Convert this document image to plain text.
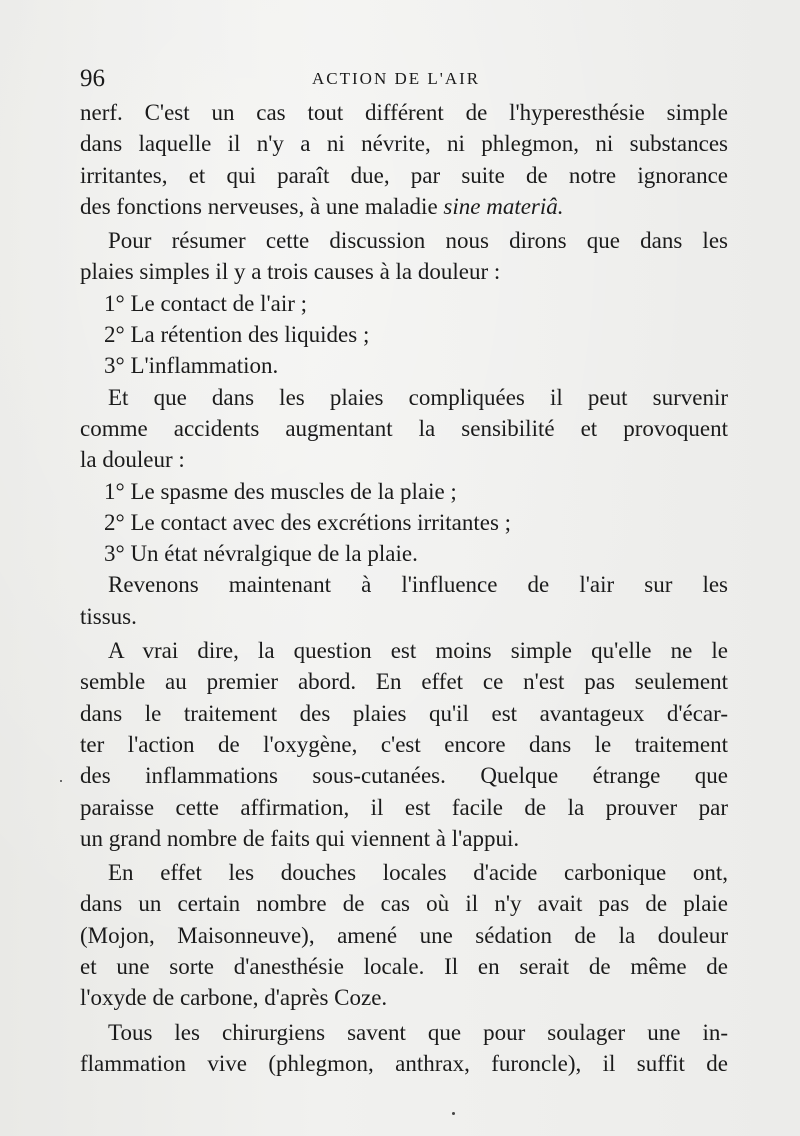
96	ACTION DE L'AIR
nerf. C'est un cas tout différent de l'hyperesthésie simple
dans laquelle il n'y a ni névrite, ni phlegmon, ni substances
irritantes, et qui paraît due, par suite de notre ignorance
des fonctions nerveuses, à une maladie sine materiâ.
Pour résumer cette discussion nous dirons que dans les
plaies simples il y a trois causes à la douleur :
1° Le contact de l'air ;
2° La rétention des liquides ;
3° L'inflammation.
Et que dans les plaies compliquées il peut survenir
comme accidents augmentant la sensibilité et provoquent
la douleur :
1° Le spasme des muscles de la plaie ;
2° Le contact avec des excrétions irritantes ;
3° Un état névralgique de la plaie.
Revenons maintenant à l'influence de l'air sur les
tissus.
A vrai dire, la question est moins simple qu'elle ne le
semble au premier abord. En effet ce n'est pas seulement
dans le traitement des plaies qu'il est avantageux d'écar-
ter l'action de l'oxygène, c'est encore dans le traitement
des inflammations sous-cutanées. Quelque étrange que
paraisse cette affirmation, il est facile de la prouver par
un grand nombre de faits qui viennent à l'appui.
En effet les douches locales d'acide carbonique ont,
dans un certain nombre de cas où il n'y avait pas de plaie
(Mojon, Maisonneuve), amené une sédation de la douleur
et une sorte d'anesthésie locale. Il en serait de même de
l'oxyde de carbone, d'après Coze.
Tous les chirurgiens savent que pour soulager une in-
flammation vive (phlegmon, anthrax, furoncle), il suffit de
